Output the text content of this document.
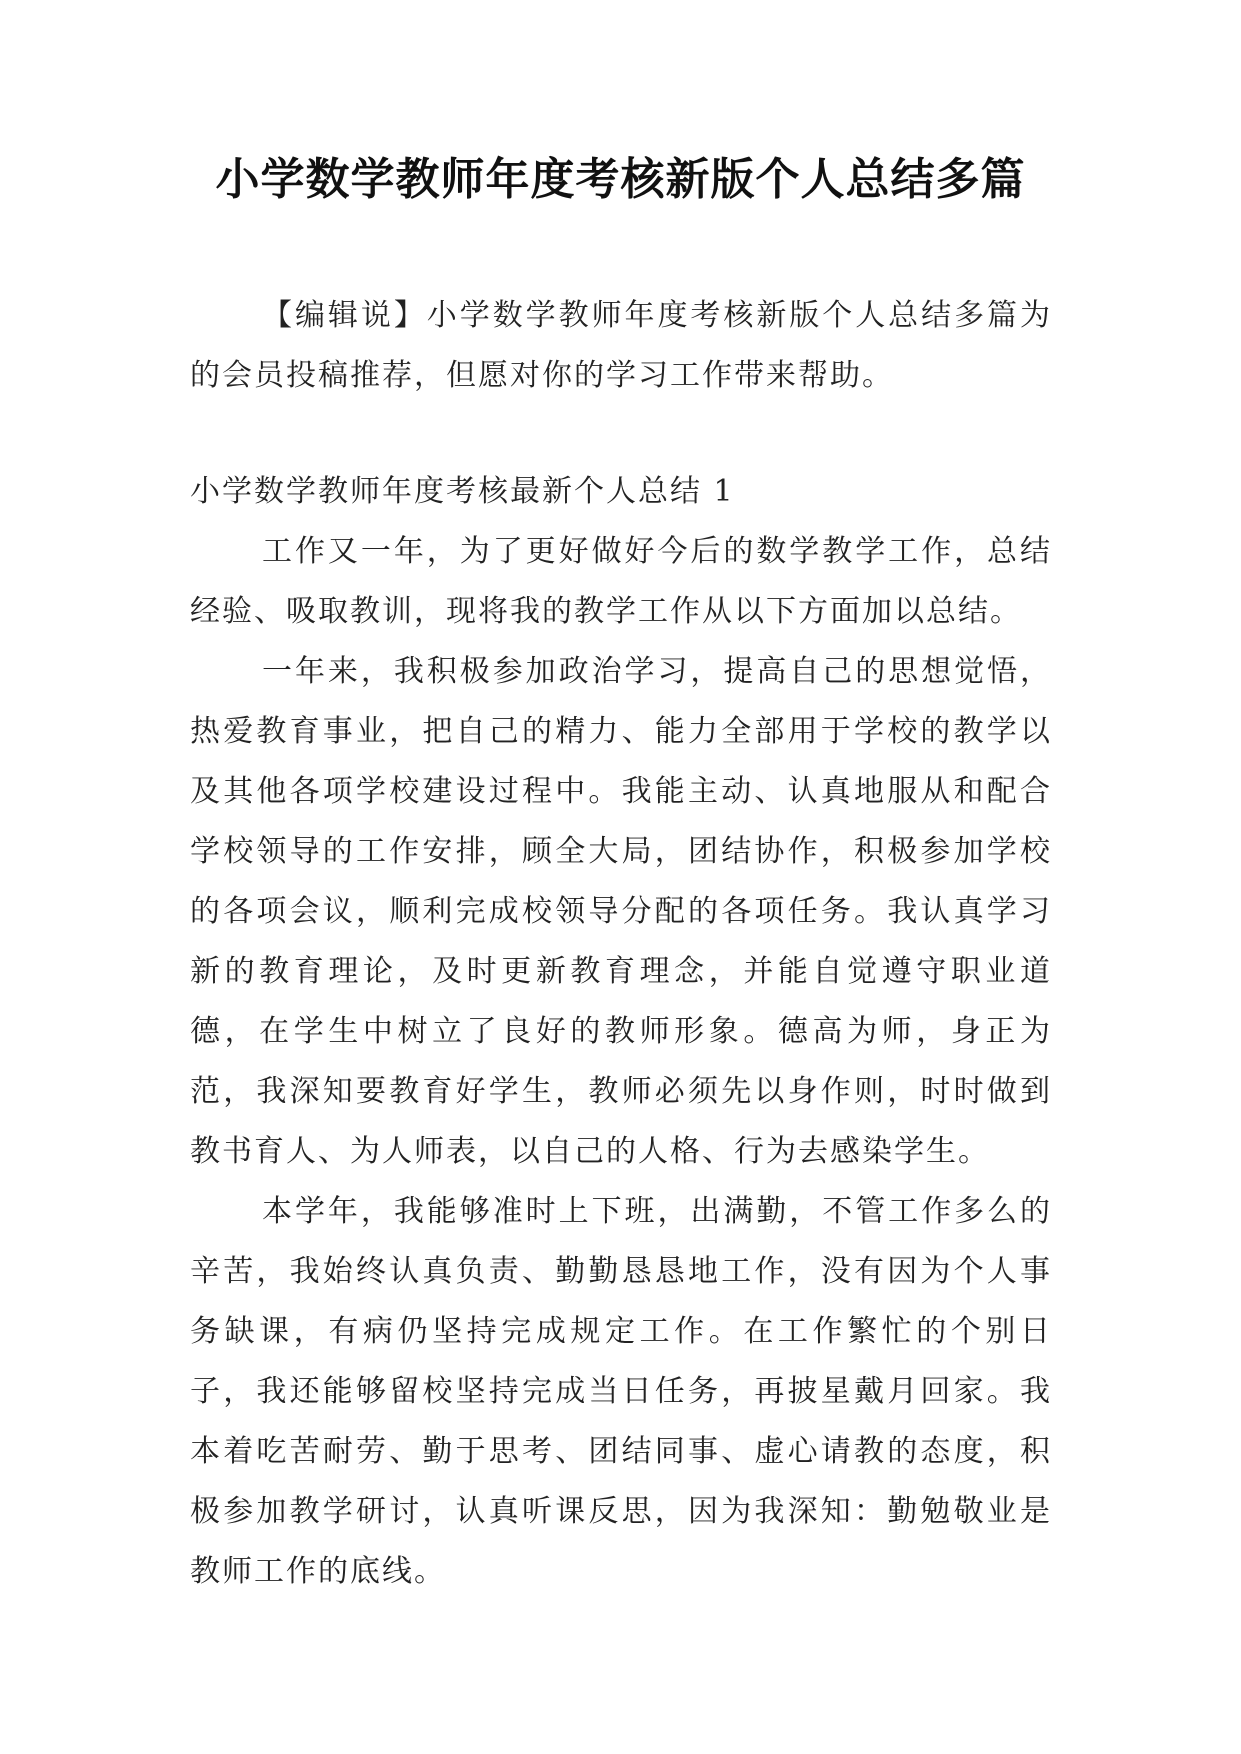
小学数学教师年度考核新版个人总结多篇

【编辑说】小学数学教师年度考核新版个人总结多篇为的会员投稿推荐，但愿对你的学习工作带来帮助。

小学数学教师年度考核最新个人总结 1

工作又一年，为了更好做好今后的数学教学工作，总结经验、吸取教训，现将我的教学工作从以下方面加以总结。

一年来，我积极参加政治学习，提高自己的思想觉悟，热爱教育事业，把自己的精力、能力全部用于学校的教学以及其他各项学校建设过程中。我能主动、认真地服从和配合学校领导的工作安排，顾全大局，团结协作，积极参加学校的各项会议，顺利完成校领导分配的各项任务。我认真学习新的教育理论，及时更新教育理念，并能自觉遵守职业道德，在学生中树立了良好的教师形象。德高为师，身正为范，我深知要教育好学生，教师必须先以身作则，时时做到教书育人、为人师表，以自己的人格、行为去感染学生。

本学年，我能够准时上下班，出满勤，不管工作多么的辛苦，我始终认真负责、勤勤恳恳地工作，没有因为个人事务缺课，有病仍坚持完成规定工作。在工作繁忙的个别日子，我还能够留校坚持完成当日任务，再披星戴月回家。我本着吃苦耐劳、勤于思考、团结同事、虚心请教的态度，积极参加教学研讨，认真听课反思，因为我深知：勤勉敬业是教师工作的底线。
